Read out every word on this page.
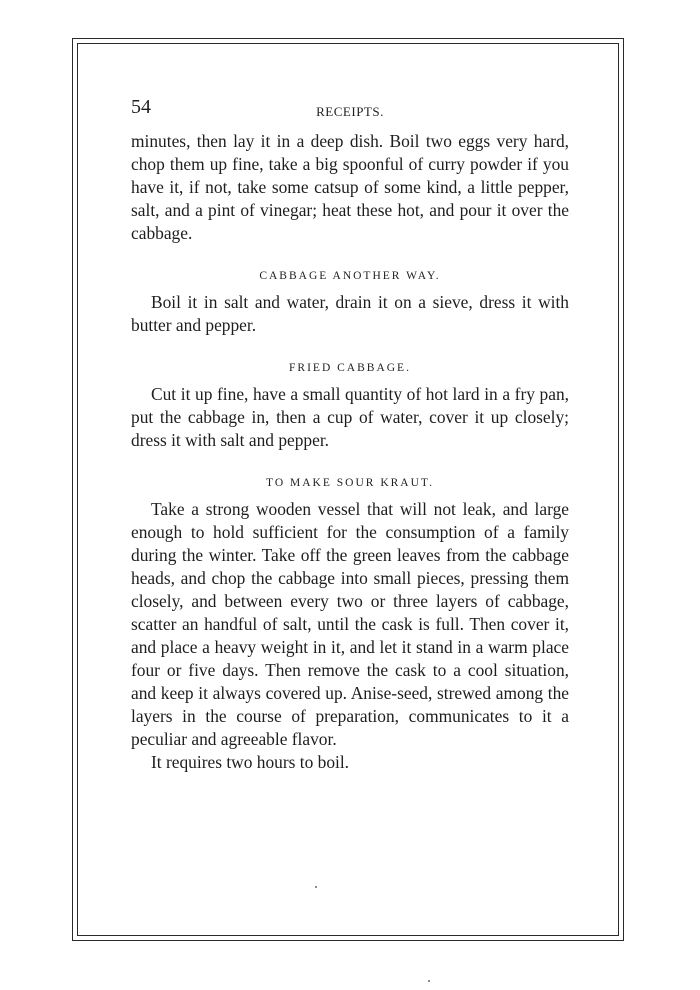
54	RECEIPTS.

minutes, then lay it in a deep dish. Boil two eggs very hard, chop them up fine, take a big spoonful of curry powder if you have it, if not, take some catsup of some kind, a little pepper, salt, and a pint of vinegar; heat these hot, and pour it over the cabbage.

CABBAGE ANOTHER WAY.

Boil it in salt and water, drain it on a sieve, dress it with butter and pepper.

FRIED CABBAGE.

Cut it up fine, have a small quantity of hot lard in a fry pan, put the cabbage in, then a cup of water, cover it up closely; dress it with salt and pepper.

TO MAKE SOUR KRAUT.

Take a strong wooden vessel that will not leak, and large enough to hold sufficient for the consumption of a family during the winter. Take off the green leaves from the cabbage heads, and chop the cabbage into small pieces, pressing them closely, and between every two or three layers of cabbage, scatter an handful of salt, until the cask is full. Then cover it, and place a heavy weight in it, and let it stand in a warm place four or five days. Then remove the cask to a cool situation, and keep it always covered up. Anise-seed, strewed among the layers in the course of preparation, communicates to it a peculiar and agreeable flavor.

It requires two hours to boil.
